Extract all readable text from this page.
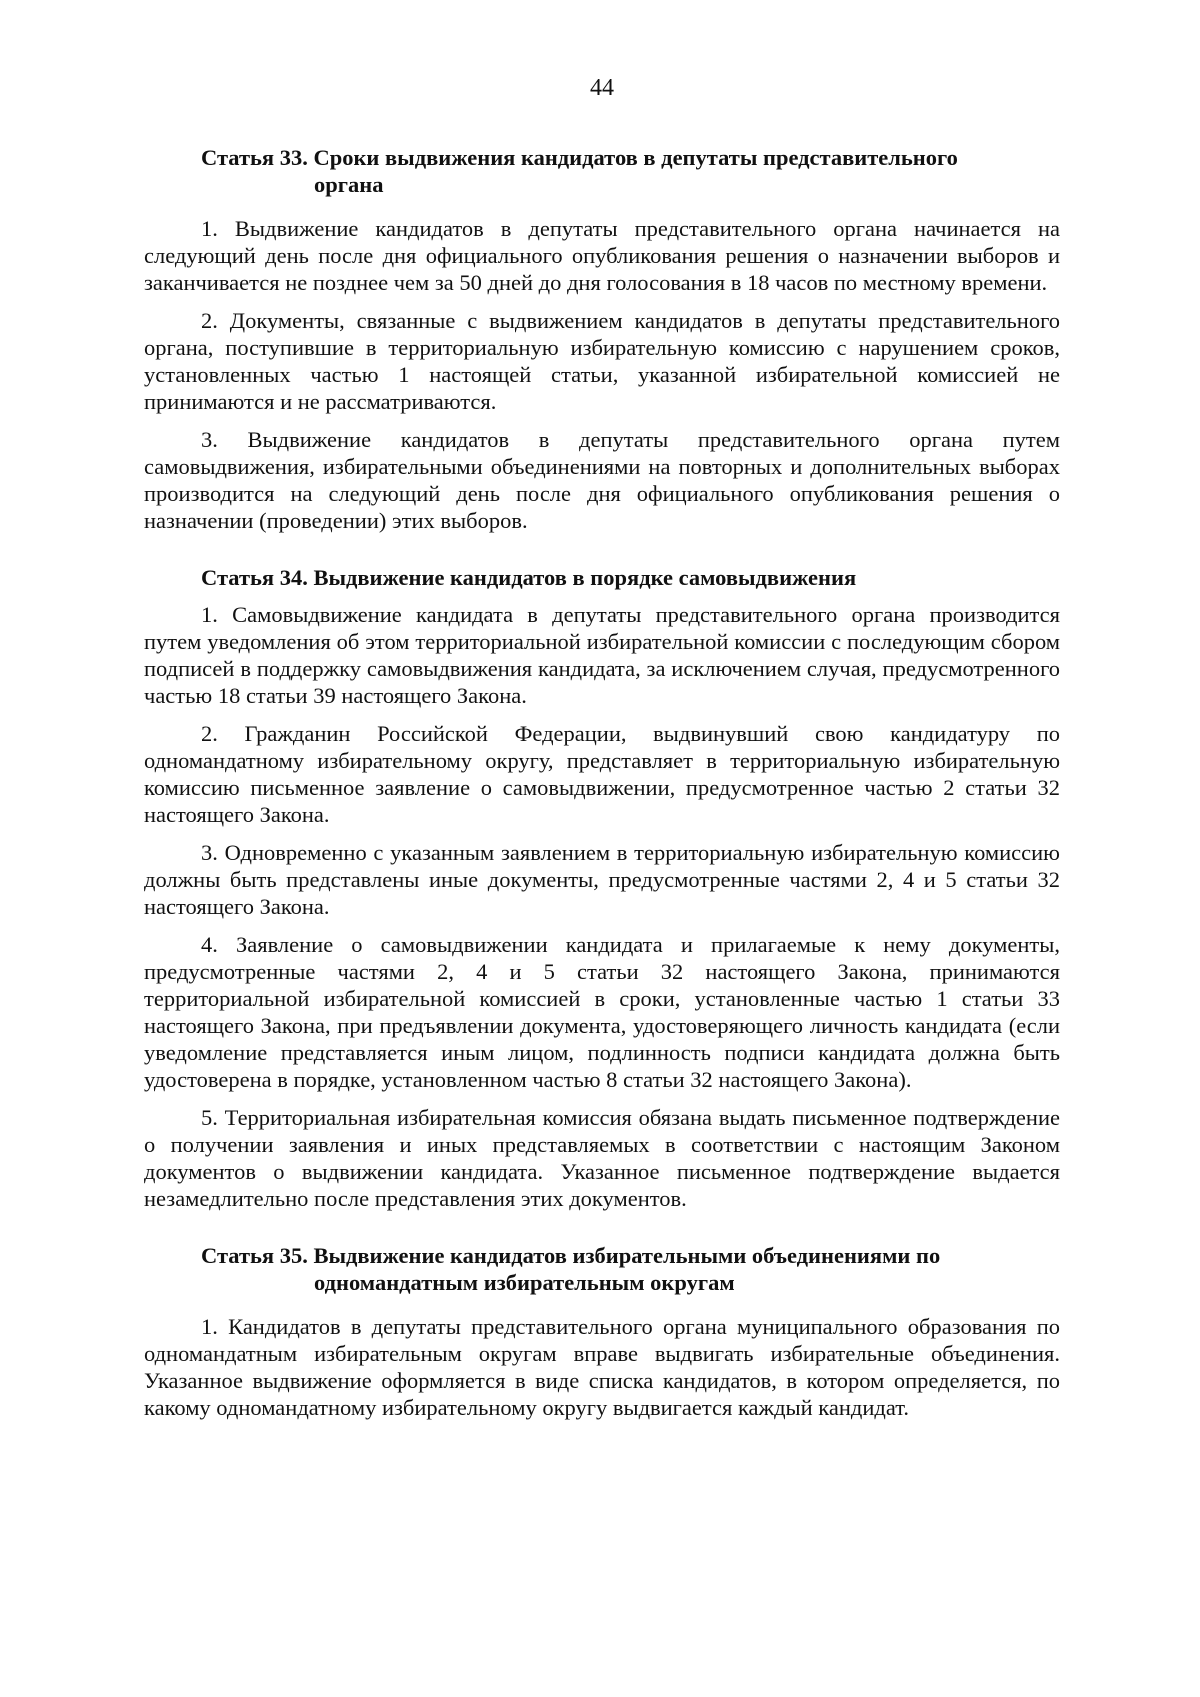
44
Статья 33. Сроки выдвижения кандидатов в депутаты представительного
органа

1. Выдвижение кандидатов в депутаты представительного органа начинается на следующий день после дня официального опубликования решения о назначении выборов и заканчивается не позднее чем за 50 дней до дня голосования в 18 часов по местному времени.

2. Документы, связанные с выдвижением кандидатов в депутаты представительного органа, поступившие в территориальную избирательную комиссию с нарушением сроков, установленных частью 1 настоящей статьи, указанной избирательной комиссией не принимаются и не рассматриваются.

3. Выдвижение кандидатов в депутаты представительного органа путем самовыдвижения, избирательными объединениями на повторных и дополнительных выборах производится на следующий день после дня официального опубликования решения о назначении (проведении) этих выборов.

Статья 34. Выдвижение кандидатов в порядке самовыдвижения

1. Самовыдвижение кандидата в депутаты представительного органа производится путем уведомления об этом территориальной избирательной комиссии с последующим сбором подписей в поддержку самовыдвижения кандидата, за исключением случая, предусмотренного частью 18 статьи 39 настоящего Закона.

2. Гражданин Российской Федерации, выдвинувший свою кандидатуру по одномандатному избирательному округу, представляет в территориальную избирательную комиссию письменное заявление о самовыдвижении, предусмотренное частью 2 статьи 32 настоящего Закона.

3. Одновременно с указанным заявлением в территориальную избирательную комиссию должны быть представлены иные документы, предусмотренные частями 2, 4 и 5 статьи 32 настоящего Закона.

4. Заявление о самовыдвижении кандидата и прилагаемые к нему документы, предусмотренные частями 2, 4 и 5 статьи 32 настоящего Закона, принимаются территориальной избирательной комиссией в сроки, установленные частью 1 статьи 33 настоящего Закона, при предъявлении документа, удостоверяющего личность кандидата (если уведомление представляется иным лицом, подлинность подписи кандидата должна быть удостоверена в порядке, установленном частью 8 статьи 32 настоящего Закона).

5. Территориальная избирательная комиссия обязана выдать письменное подтверждение о получении заявления и иных представляемых в соответствии с настоящим Законом документов о выдвижении кандидата. Указанное письменное подтверждение выдается незамедлительно после представления этих документов.

Статья 35. Выдвижение кандидатов избирательными объединениями по
одномандатным избирательным округам

1. Кандидатов в депутаты представительного органа муниципального образования по одномандатным избирательным округам вправе выдвигать избирательные объединения. Указанное выдвижение оформляется в виде списка кандидатов, в котором определяется, по какому одномандатному избирательному округу выдвигается каждый кандидат.
